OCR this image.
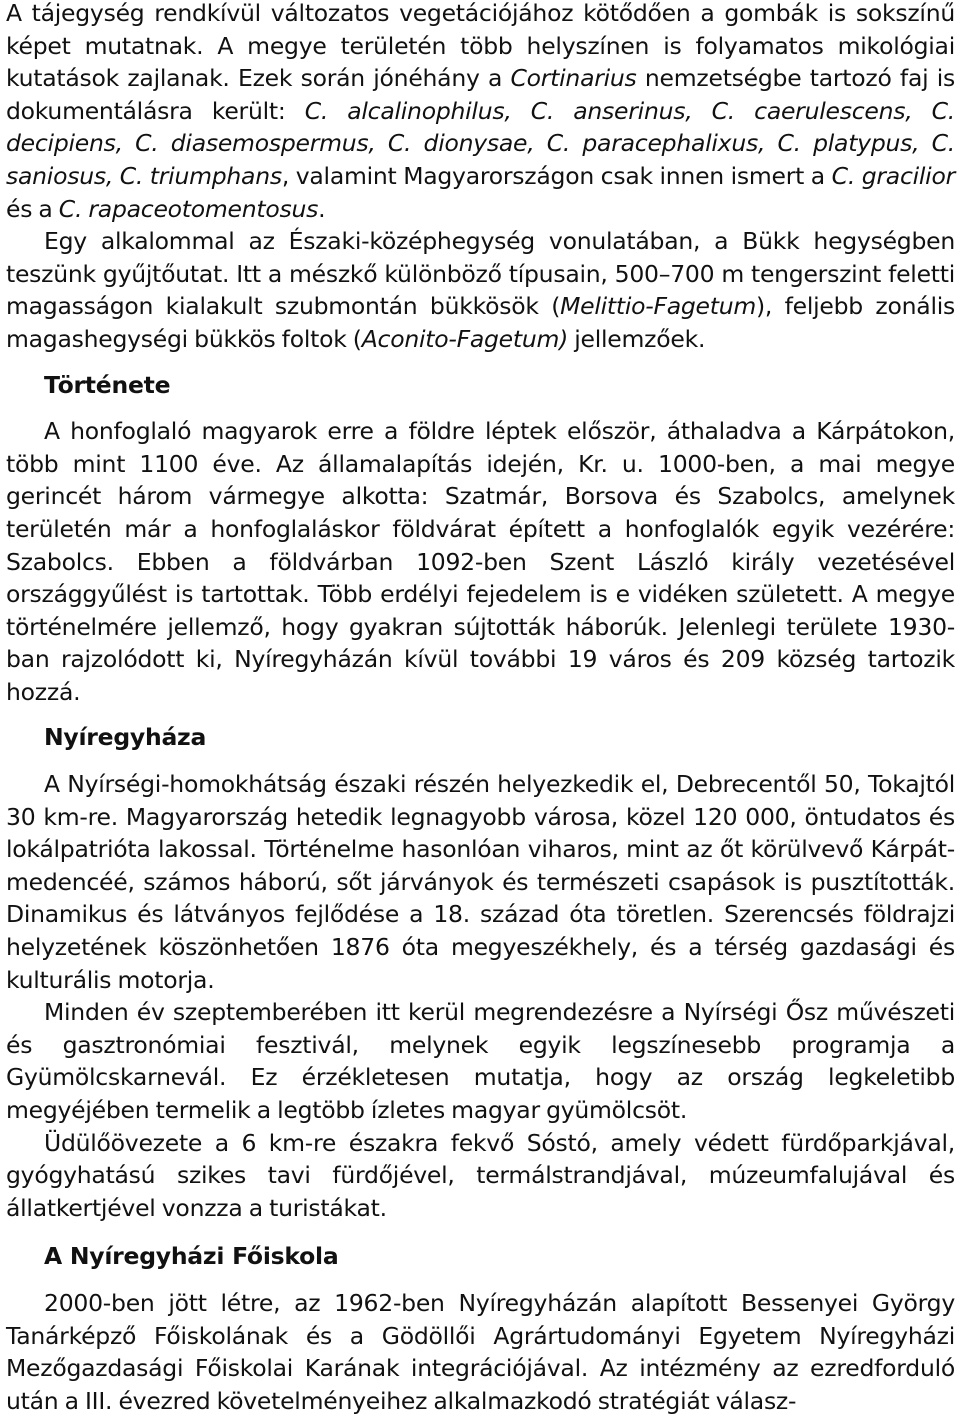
A tájegység rendkívül változatos vegetációjához kötődően a gombák is sokszínű képet mutatnak. A megye területén több helyszínen is folyamatos mikológiai kutatások zajlanak. Ezek során jónéhány a Cortinarius nemzetségbe tartozó faj is dokumentálásra került: C. alcalinophilus, C. anserinus, C. caerulescens, C. decipiens, C. diasemospermus, C. dionysae, C. paracephalixus, C. platypus, C. saniosus, C. triumphans, valamint Magyarországon csak innen ismert a C. gracilior és a C. rapaceotomentosus.

Egy alkalommal az Északi-középhegység vonulatában, a Bükk hegységben teszünk gyűjtőutat. Itt a mészkő különböző típusain, 500–700 m tengerszint feletti magasságon kialakult szubmontán bükkösök (Melittio-Fagetum), feljebb zonális magashegységi bükkös foltok (Aconito-Fagetum) jellemzőek.

Története

A honfoglaló magyarok erre a földre léptek először, áthaladva a Kárpátokon, több mint 1100 éve. Az államalapítás idején, Kr. u. 1000-ben, a mai megye gerincét három vármegye alkotta: Szatmár, Borsova és Szabolcs, amelynek területén már a honfoglaláskor földvárat épített a honfoglalók egyik vezérére: Szabolcs. Ebben a földvárban 1092-ben Szent László király vezetésével országgyűlést is tartottak. Több erdélyi fejedelem is e vidéken született. A megye történelmére jellemző, hogy gyakran sújtották háborúk. Jelenlegi területe 1930-ban rajzolódott ki, Nyíregyházán kívül további 19 város és 209 község tartozik hozzá.

Nyíregyháza

A Nyírségi-homokhátság északi részén helyezkedik el, Debrecentől 50, Tokajtól 30 km-re. Magyarország hetedik legnagyobb városa, közel 120 000, öntudatos és lokálpatrióta lakossal. Történelme hasonlóan viharos, mint az őt körülvevő Kárpát-medencéé, számos háború, sőt járványok és természeti csapások is pusztították. Dinamikus és látványos fejlődése a 18. század óta töretlen. Szerencsés földrajzi helyzetének köszönhetően 1876 óta megyeszékhely, és a térség gazdasági és kulturális motorja.

Minden év szeptemberében itt kerül megrendezésre a Nyírségi Ősz művészeti és gasztronómiai fesztivál, melynek egyik legszínesebb programja a Gyümölcskarnevál. Ez érzékletesen mutatja, hogy az ország legkeletibb megyéjében termelik a legtöbb ízletes magyar gyümölcsöt.

Üdülőövezete a 6 km-re északra fekvő Sóstó, amely védett fürdőparkjával, gyógyhatású szikes tavi fürdőjével, termálstrandjával, múzeumfalujával és állatkertjével vonzza a turistákat.

A Nyíregyházi Főiskola

2000-ben jött létre, az 1962-ben Nyíregyházán alapított Bessenyei György Tanárképző Főiskolának és a Gödöllői Agrártudományi Egyetem Nyíregyházi Mezőgazdasági Főiskolai Karának integrációjával. Az intézmény az ezredforduló után a III. évezred követelményeihez alkalmazkodó stratégiát válasz-
